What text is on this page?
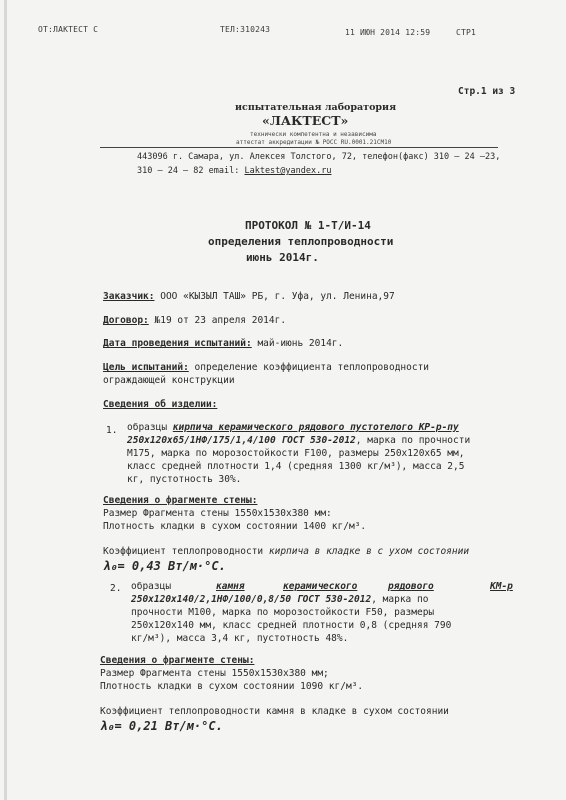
ОТ:ЛАКТЕСТ С	ТЕЛ:310243	11 ИЮН 2014 12:59	СТР1
Стр.1 из 3
испытательная лаборатория
«ЛАКТЕСТ»
технически компетентна и независима
аттестат аккредитации № РОСС RU.0001.21СМ10
443096 г. Самара, ул. Алексея Толстого, 72, телефон(факс) 310 – 24 –23,
310 – 24 – 82 email: Laktest@yandex.ru
ПРОТОКОЛ № 1-Т/И-14
определения теплопроводности
июнь 2014г.
Заказчик: ООО «КЫЗЫЛ ТАШ» РБ, г. Уфа, ул. Ленина,97
Договор: №19 от 23 апреля 2014г.
Дата проведения испытаний: май-июнь 2014г.
Цель испытаний: определение коэффициента теплопроводности
ограждающей конструкции
Сведения об изделии:
1. образцы кирпича керамического рядового пустотелого КР-р-пу
250х120х65/1НФ/175/1,4/100 ГОСТ 530-2012, марка по прочности
М175, марка по морозостойкости F100, размеры 250х120х65 мм,
класс средней плотности 1,4 (средняя 1300 кг/м³), масса 2,5
кг, пустотность 30%.
Сведения о фрагменте стены:
Размер Фрагмента стены 1550х1530х380 мм:
Плотность кладки в сухом состоянии 1400 кг/м³.
Коэффициент теплопроводности кирпича в кладке в с ухом состоянии
λ₀= 0,43 Вт/м·°С.
2. образцы	камня	керамического	рядового	КМ-р
250х120х140/2,1НФ/100/0,8/50 ГОСТ 530-2012, марка по
прочности М100, марка по морозостойкости F50, размеры
250х120х140 мм, класс средней плотности 0,8 (средняя 790
кг/м³), масса 3,4 кг, пустотность 48%.
Сведения о фрагменте стены:
Размер Фрагмента стены 1550х1530х380 мм;
Плотность кладки в сухом состоянии 1090 кг/м³.
Коэффициент теплопроводности камня в кладке в сухом состоянии
λ₀= 0,21 Вт/м·°С.
